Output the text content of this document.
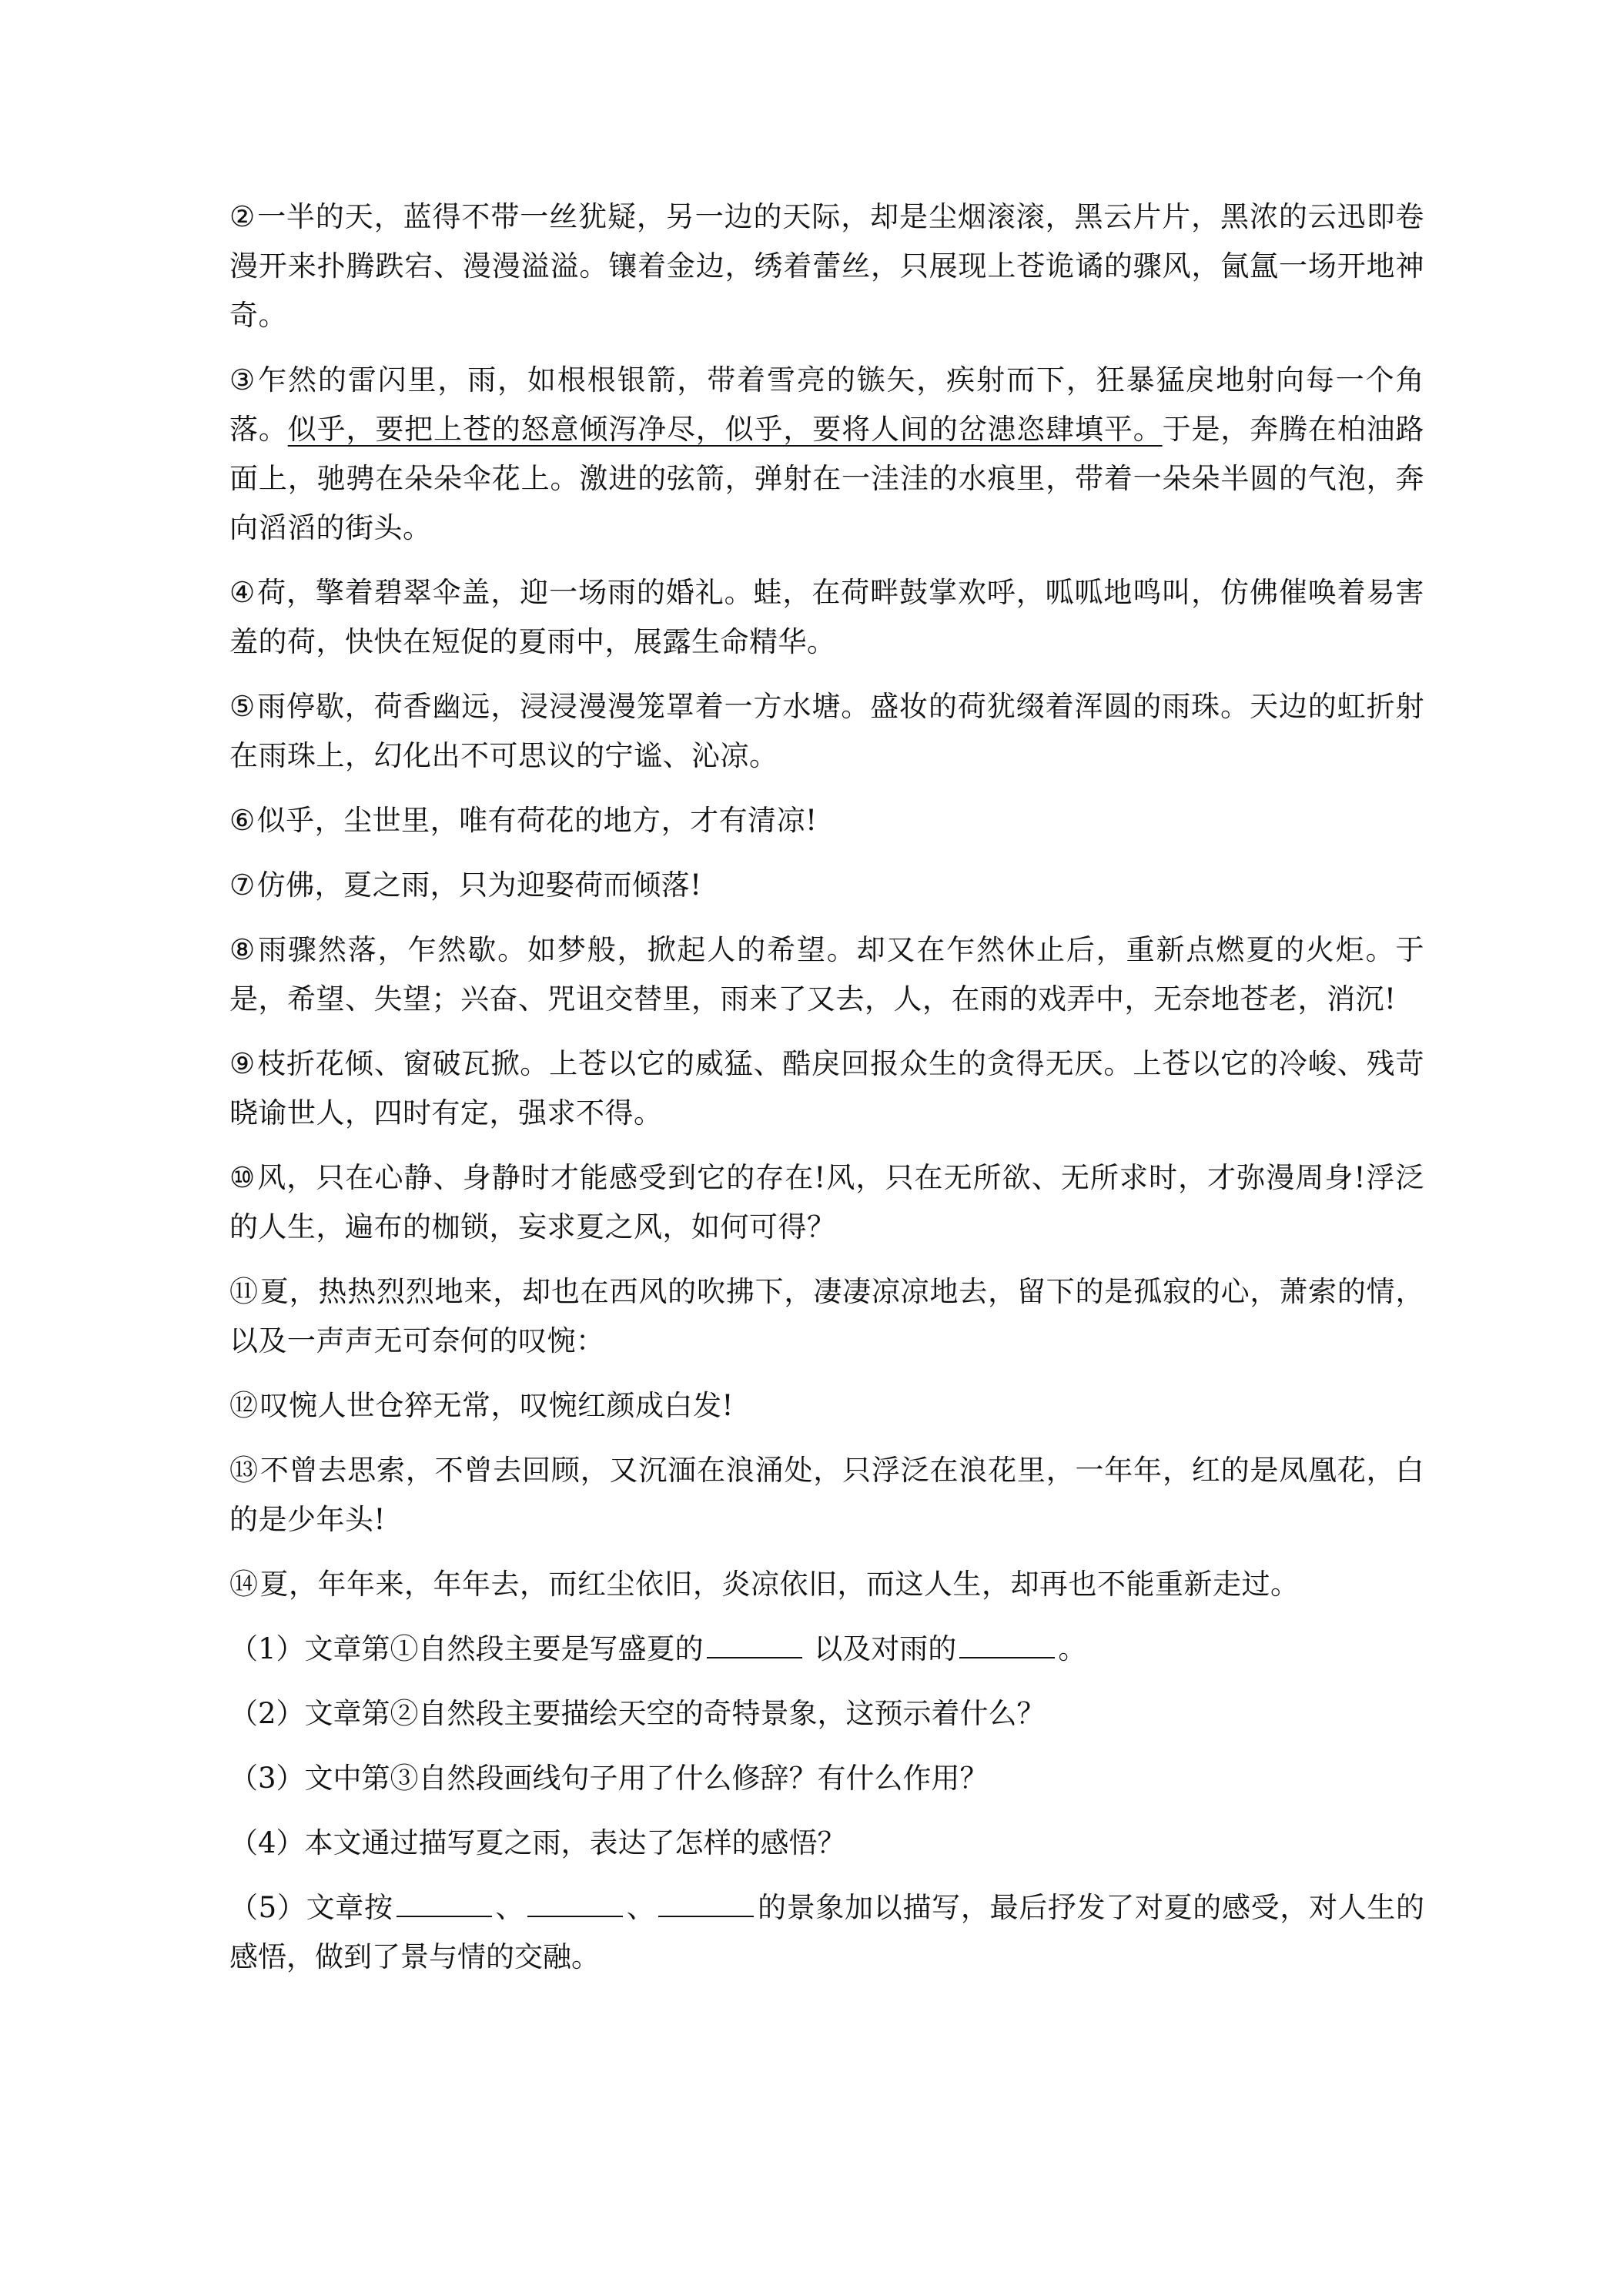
②一半的天，蓝得不带一丝犹疑，另一边的天际，却是尘烟滚滚，黑云片片，黑浓的云迅即卷漫开来扑腾跌宕、漫漫溢溢。镶着金边，绣着蕾丝，只展现上苍诡谲的骤风，氤氲一场开地神奇。

③乍然的雷闪里，雨，如根根银箭，带着雪亮的镞矢，疾射而下，狂暴猛戾地射向每一个角落。似乎，要把上苍的怒意倾泻净尽，似乎，要将人间的岔漶恣肆填平。于是，奔腾在柏油路面上，驰骋在朵朵伞花上。激进的弦箭，弹射在一洼洼的水痕里，带着一朵朵半圆的气泡，奔向滔滔的街头。

④荷，擎着碧翠伞盖，迎一场雨的婚礼。蛙，在荷畔鼓掌欢呼，呱呱地鸣叫，仿佛催唤着易害羞的荷，快快在短促的夏雨中，展露生命精华。

⑤雨停歇，荷香幽远，浸浸漫漫笼罩着一方水塘。盛妆的荷犹缀着浑圆的雨珠。天边的虹折射在雨珠上，幻化出不可思议的宁谧、沁凉。

⑥似乎，尘世里，唯有荷花的地方，才有清凉!

⑦仿佛，夏之雨，只为迎娶荷而倾落!

⑧雨骤然落，乍然歇。如梦般，掀起人的希望。却又在乍然休止后，重新点燃夏的火炬。于是，希望、失望；兴奋、咒诅交替里，雨来了又去，人，在雨的戏弄中，无奈地苍老，消沉!

⑨枝折花倾、窗破瓦掀。上苍以它的威猛、酷戾回报众生的贪得无厌。上苍以它的冷峻、残苛晓谕世人，四时有定，强求不得。

⑩风，只在心静、身静时才能感受到它的存在!风，只在无所欲、无所求时，才弥漫周身!浮泛的人生，遍布的枷锁，妄求夏之风，如何可得？

⑪夏，热热烈烈地来，却也在西风的吹拂下，凄凄凉凉地去，留下的是孤寂的心，萧索的情，以及一声声无可奈何的叹惋：

⑫叹惋人世仓猝无常，叹惋红颜成白发!

⑬不曾去思索，不曾去回顾，又沉湎在浪涌处，只浮泛在浪花里，一年年，红的是凤凰花，白的是少年头!

⑭夏，年年来，年年去，而红尘依旧，炎凉依旧，而这人生，却再也不能重新走过。

（1）文章第①自然段主要是写盛夏的	以及对雨的	。

（2）文章第②自然段主要描绘天空的奇特景象，这预示着什么？

（3）文中第③自然段画线句子用了什么修辞？有什么作用？

（4）本文通过描写夏之雨，表达了怎样的感悟？

（5）文章按	、	、	的景象加以描写，最后抒发了对夏的感受，对人生的感悟，做到了景与情的交融。
